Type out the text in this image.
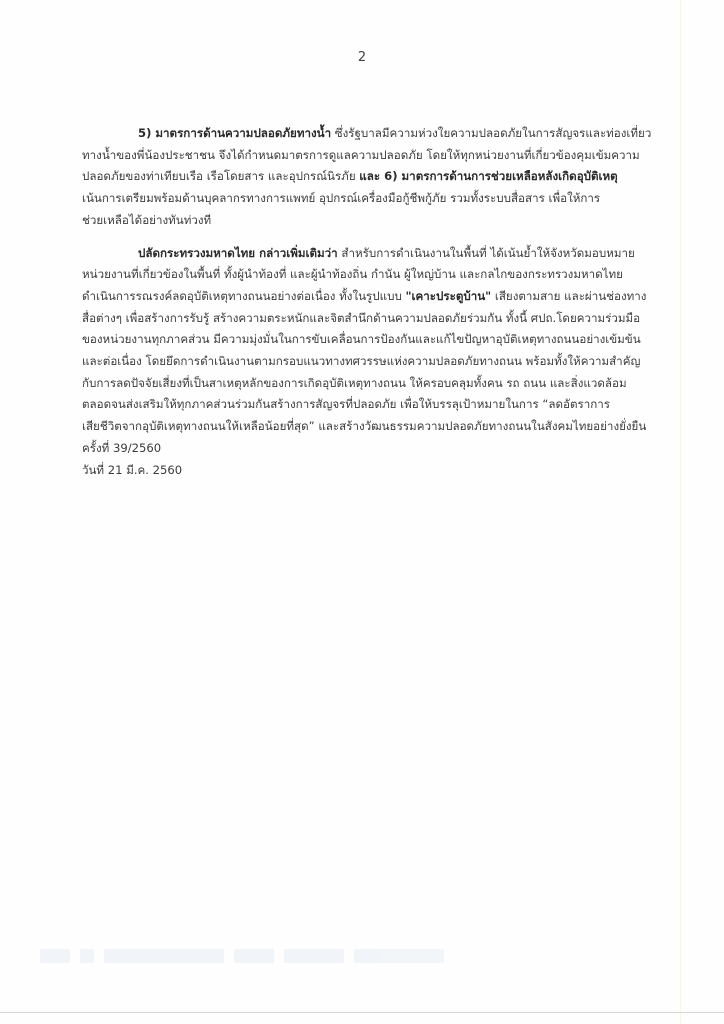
2
5) มาตรการด้านความปลอดภัยทางน้ำ ซึ่งรัฐบาลมีความห่วงใยความปลอดภัยในการสัญจรและท่องเที่ยว
ทางน้ำของพี่น้องประชาชน จึงได้กำหนดมาตรการดูแลความปลอดภัย โดยให้ทุกหน่วยงานที่เกี่ยวข้องคุมเข้มความ
ปลอดภัยของท่าเทียบเรือ เรือโดยสาร และอุปกรณ์นิรภัย และ 6) มาตรการด้านการช่วยเหลือหลังเกิดอุบัติเหตุ
เน้นการเตรียมพร้อมด้านบุคลากรทางการแพทย์ อุปกรณ์เครื่องมือกู้ชีพกู้ภัย รวมทั้งระบบสื่อสาร เพื่อให้การ
ช่วยเหลือได้อย่างทันท่วงที
ปลัดกระทรวงมหาดไทย กล่าวเพิ่มเติมว่า สำหรับการดำเนินงานในพื้นที่ ได้เน้นย้ำให้จังหวัดมอบหมาย
หน่วยงานที่เกี่ยวข้องในพื้นที่ ทั้งผู้นำท้องที่ และผู้นำท้องถิ่น กำนัน ผู้ใหญ่บ้าน และกลไกของกระทรวงมหาดไทย
ดำเนินการรณรงค์ลดอุบัติเหตุทางถนนอย่างต่อเนื่อง ทั้งในรูปแบบ "เคาะประตูบ้าน" เสียงตามสาย และผ่านช่องทาง
สื่อต่างๆ เพื่อสร้างการรับรู้ สร้างความตระหนักและจิตสำนึกด้านความปลอดภัยร่วมกัน ทั้งนี้ ศปถ.โดยความร่วมมือ
ของหน่วยงานทุกภาคส่วน มีความมุ่งมั่นในการขับเคลื่อนการป้องกันและแก้ไขปัญหาอุบัติเหตุทางถนนอย่างเข้มข้น
และต่อเนื่อง โดยยึดการดำเนินงานตามกรอบแนวทางทศวรรษแห่งความปลอดภัยทางถนน พร้อมทั้งให้ความสำคัญ
กับการลดปัจจัยเสี่ยงที่เป็นสาเหตุหลักของการเกิดอุบัติเหตุทางถนน ให้ครอบคลุมทั้งคน รถ ถนน และสิ่งแวดล้อม
ตลอดจนส่งเสริมให้ทุกภาคส่วนร่วมกันสร้างการสัญจรที่ปลอดภัย เพื่อให้บรรลุเป้าหมายในการ “ลดอัตราการ
เสียชีวิตจากอุบัติเหตุทางถนนให้เหลือน้อยที่สุด” และสร้างวัฒนธรรมความปลอดภัยทางถนนในสังคมไทยอย่างยั่งยืน
ครั้งที่ 39/2560
วันที่ 21 มี.ค. 2560
